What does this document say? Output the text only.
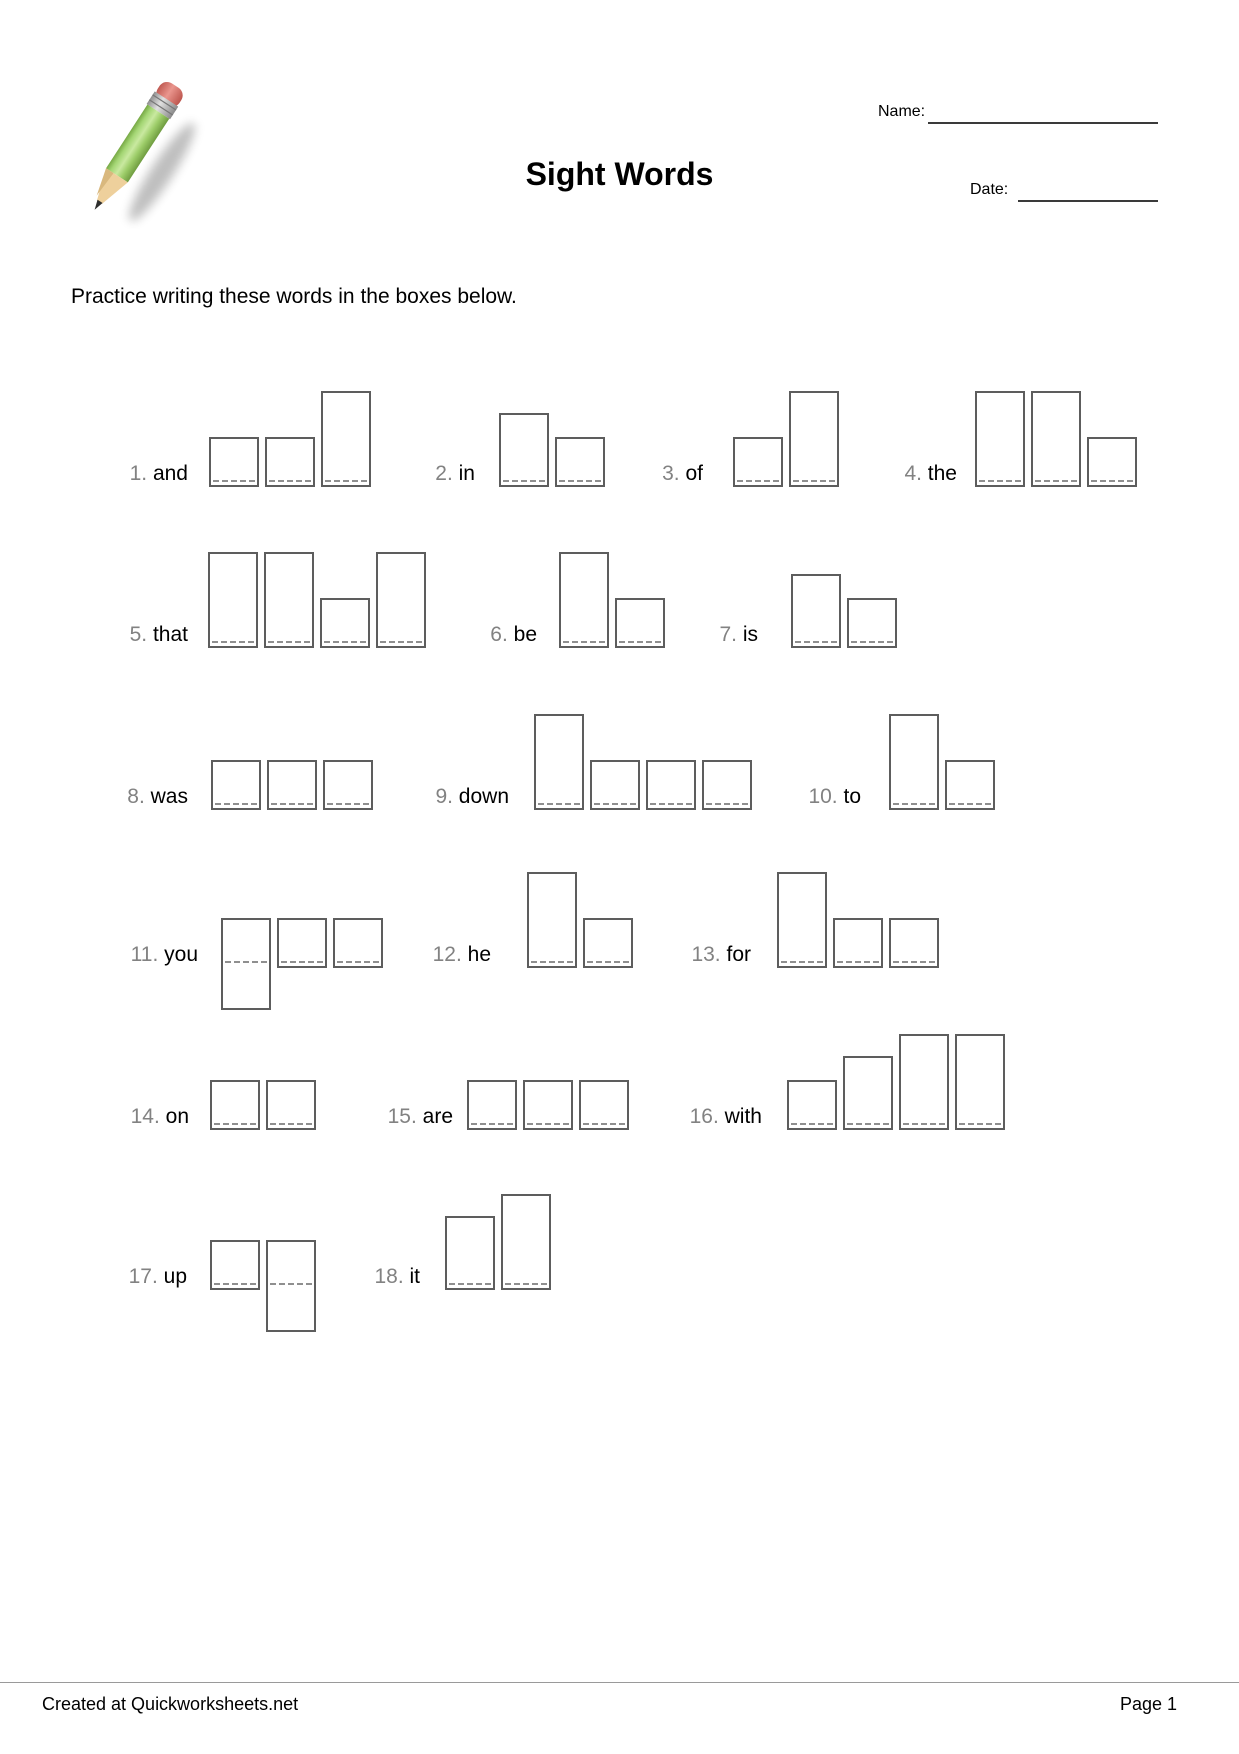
Sight Words
Name:
Date:
Practice writing these words in the boxes below.
1. and	2. in	3. of	4. the
5. that	6. be	7. is
8. was	9. down	10. to
11. you	12. he	13. for
14. on	15. are	16. with
17. up	18. it
Created at Quickworksheets.net	Page 1
